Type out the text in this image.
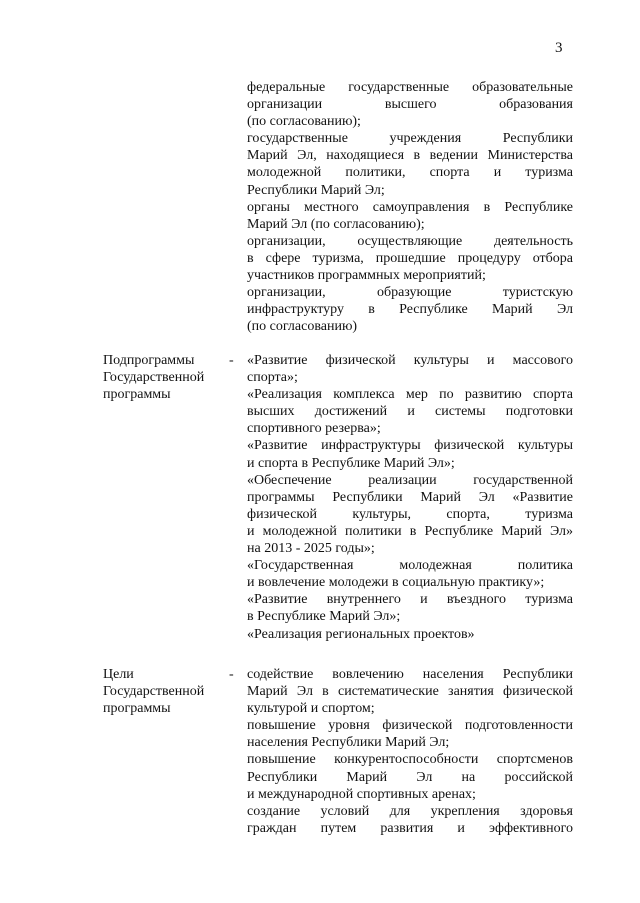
3
федеральные государственные образовательные
организации высшего образования
(по согласованию);
государственные учреждения Республики
Марий Эл, находящиеся в ведении Министерства
молодежной политики, спорта и туризма
Республики Марий Эл;
органы местного самоуправления в Республике
Марий Эл (по согласованию);
организации, осуществляющие деятельность
в сфере туризма, прошедшие процедуру отбора
участников программных мероприятий;
организации, образующие туристскую
инфраструктуру в Республике Марий Эл
(по согласованию)
Подпрограммы
Государственной
программы
- «Развитие физической культуры и массового
спорта»;
«Реализация комплекса мер по развитию спорта
высших достижений и системы подготовки
спортивного резерва»;
«Развитие инфраструктуры физической культуры
и спорта в Республике Марий Эл»;
«Обеспечение реализации государственной
программы Республики Марий Эл «Развитие
физической культуры, спорта, туризма
и молодежной политики в Республике Марий Эл»
на 2013 - 2025 годы»;
«Государственная молодежная политика
и вовлечение молодежи в социальную практику»;
«Развитие внутреннего и въездного туризма
в Республике Марий Эл»;
«Реализация региональных проектов»
Цели
Государственной
программы
- содействие вовлечению населения Республики
Марий Эл в систематические занятия физической
культурой и спортом;
повышение уровня физической подготовленности
населения Республики Марий Эл;
повышение конкурентоспособности спортсменов
Республики Марий Эл на российской
и международной спортивных аренах;
создание условий для укрепления здоровья
граждан путем развития и эффективного
